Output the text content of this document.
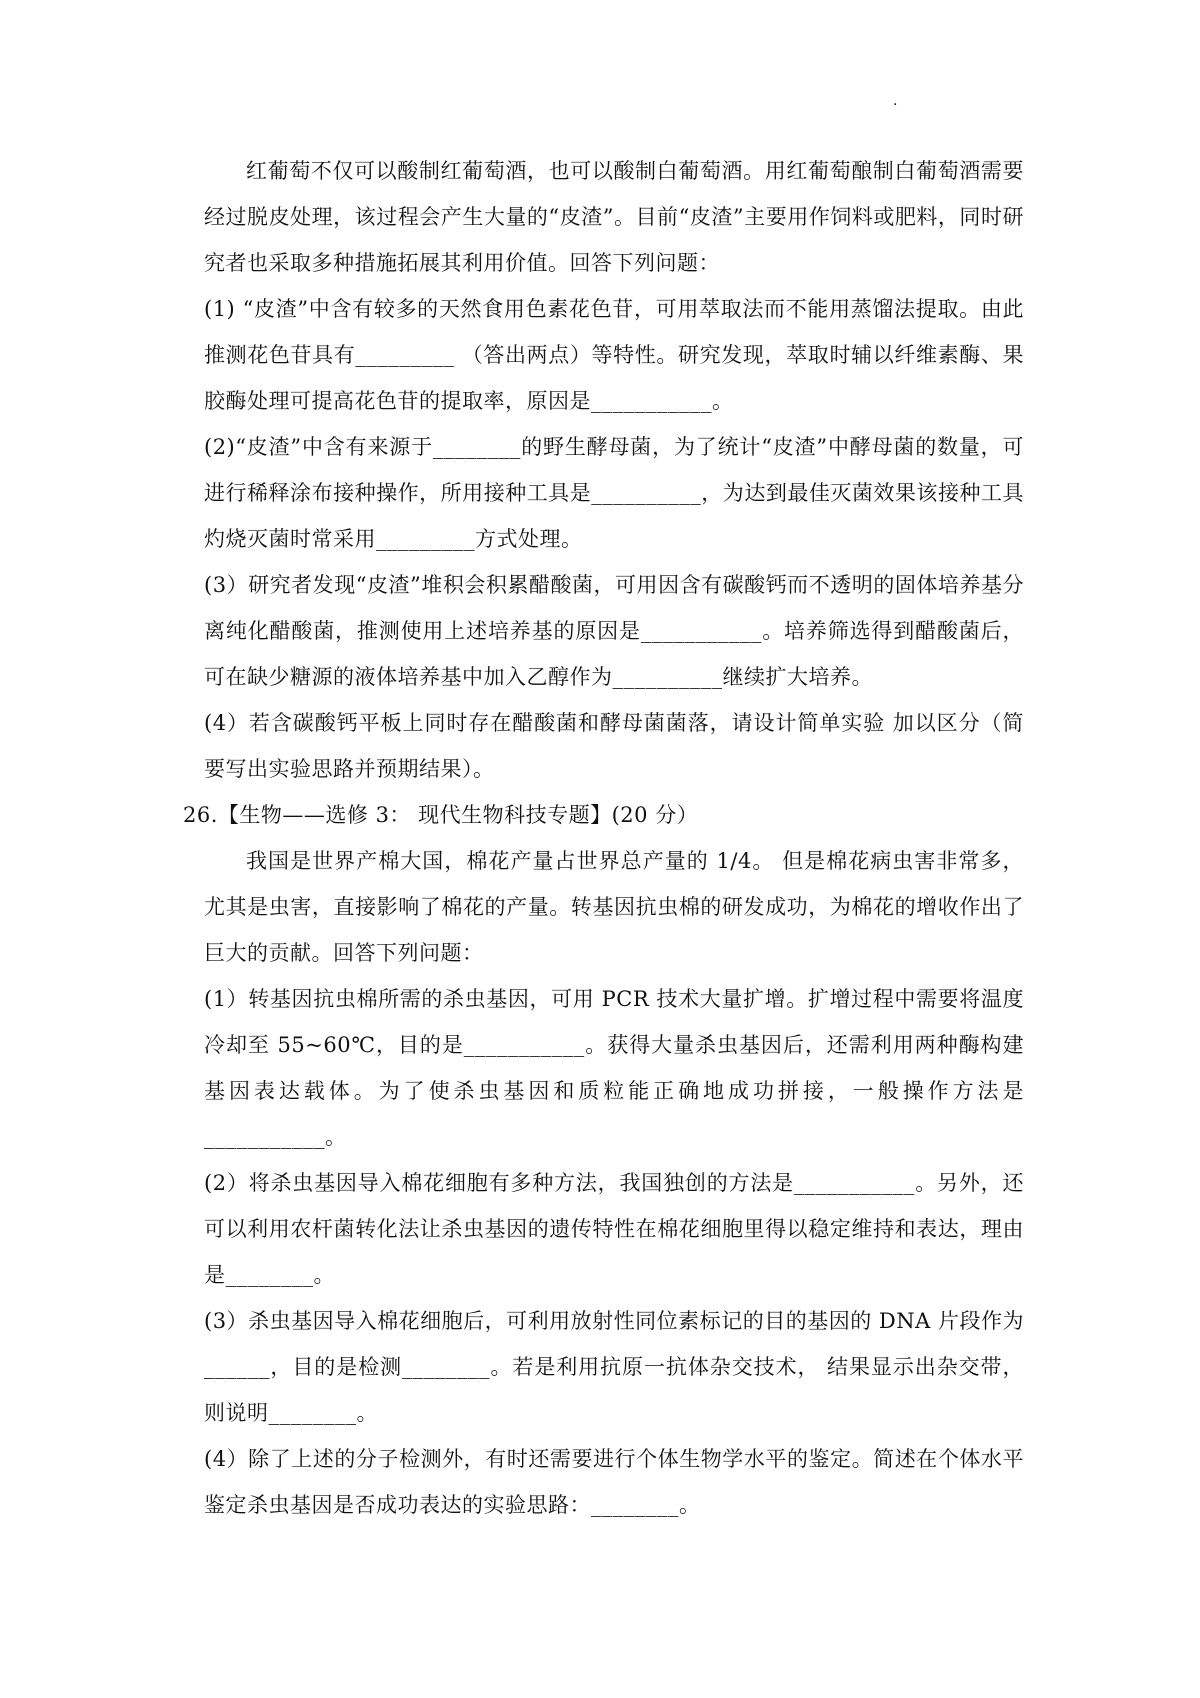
·

红葡萄不仅可以酸制红葡萄酒，也可以酸制白葡萄酒。用红葡萄酿制白葡萄酒需要经过脱皮处理，该过程会产生大量的“皮渣”。目前“皮渣”主要用作饲料或肥料，同时研究者也采取多种措施拓展其利用价值。回答下列问题：

(1) “皮渣”中含有较多的天然食用色素花色苷，可用萃取法而不能用蒸馏法提取。由此推测花色苷具有_________ （答出两点）等特性。研究发现，萃取时辅以纤维素酶、果胶酶处理可提高花色苷的提取率，原因是___________。

(2)“皮渣”中含有来源于________的野生酵母菌，为了统计“皮渣”中酵母菌的数量，可进行稀释涂布接种操作，所用接种工具是__________，为达到最佳灭菌效果该接种工具灼烧灭菌时常采用_________方式处理。

(3）研究者发现“皮渣”堆积会积累醋酸菌，可用因含有碳酸钙而不透明的固体培养基分离纯化醋酸菌，推测使用上述培养基的原因是___________。培养筛选得到醋酸菌后，可在缺少糖源的液体培养基中加入乙醇作为__________继续扩大培养。

(4）若含碳酸钙平板上同时存在醋酸菌和酵母菌菌落，请设计简单实验 加以区分（简要写出实验思路并预期结果）。

26.【生物——选修 3： 现代生物科技专题】(20 分）

我国是世界产棉大国，棉花产量占世界总产量的 1/4。 但是棉花病虫害非常多，尤其是虫害，直接影响了棉花的产量。转基因抗虫棉的研发成功，为棉花的增收作出了巨大的贡献。回答下列问题：

(1）转基因抗虫棉所需的杀虫基因，可用 PCR 技术大量扩增。扩增过程中需要将温度冷却至 55~60℃，目的是___________。获得大量杀虫基因后，还需利用两种酶构建基因表达载体。为了使杀虫基因和质粒能正确地成功拼接，一般操作方法是___________。

(2）将杀虫基因导入棉花细胞有多种方法，我国独创的方法是___________。另外，还可以利用农杆菌转化法让杀虫基因的遗传特性在棉花细胞里得以稳定维持和表达，理由是________。

(3）杀虫基因导入棉花细胞后，可利用放射性同位素标记的目的基因的 DNA 片段作为______，目的是检测________。若是利用抗原一抗体杂交技术， 结果显示出杂交带，则说明________。

(4）除了上述的分子检测外，有时还需要进行个体生物学水平的鉴定。简述在个体水平鉴定杀虫基因是否成功表达的实验思路：________。
